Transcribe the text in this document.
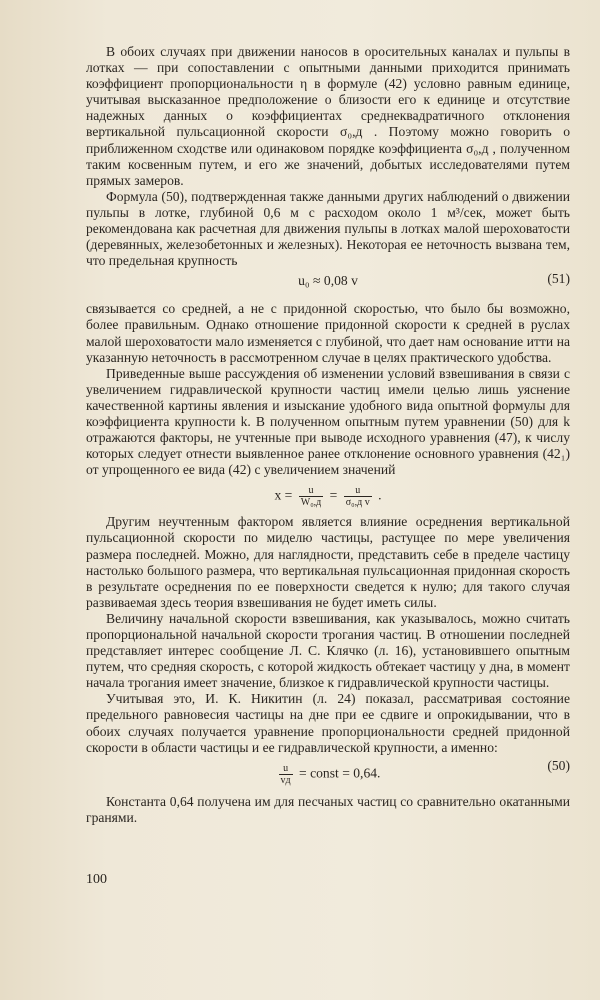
В обоих случаях при движении наносов в оросительных каналах и пульпы в лотках — при сопоставлении с опытными данными приходится принимать коэффициент пропорциональности η в формуле (42) условно равным единице, учитывая высказанное предположение о близости его к единице и отсутствие надежных данных о коэффициентах среднеквадратичного отклонения вертикальной пульсационной скорости σ₀,д . Поэтому можно говорить о приближенном сходстве или одинаковом порядке коэффициента σ₀,д , полученном таким косвенным путем, и его же значений, добытых исследователями путем прямых замеров.

Формула (50), подтвержденная также данными других наблюдений о движении пульпы в лотке, глубиной 0,6 м с расходом около 1 м³/сек, может быть рекомендована как расчетная для движения пульпы в лотках малой шероховатости (деревянных, железобетонных и железных). Некоторая ее неточность вызвана тем, что предельная крупность

u₀ ≈ 0,08 v	(51)

связывается со средней, а не с придонной скоростью, что было бы возможно, более правильным. Однако отношение придонной скорости к средней в руслах малой шероховатости мало изменяется с глубиной, что дает нам основание итти на указанную неточность в рассмотренном случае в целях практического удобства.

Приведенные выше рассуждения об изменении условий взвешивания в связи с увеличением гидравлической крупности частиц имели целью лишь уяснение качественной картины явления и изыскание удобного вида опытной формулы для коэффициента крупности k. В полученном опытным путем уравнении (50) для k отражаются факторы, не учтенные при выводе исходного уравнения (47), к числу которых следует отнести выявленное ранее отклонение основного уравнения (42₁) от упрощенного ее вида (42) с увеличением значений

$x = \frac{u}{\text{W₀,д}} = \frac{u}{\text{σ₀,д v}}$ .

Другим неучтенным фактором является влияние осреднения вертикальной пульсационной скорости по миделю частицы, растущее по мере увеличения размера последней. Можно, для наглядности, представить себе в пределе частицу настолько большого размера, что вертикальная пульсационная придонная скорость в результате осреднения по ее поверхности сведется к нулю; для такого случая развиваемая здесь теория взвешивания не будет иметь силы.

Величину начальной скорости взвешивания, как указывалось, можно считать пропорциональной начальной скорости трогания частиц. В отношении последней представляет интерес сообщение Л. С. Клячко (л. 16), установившего опытным путем, что средняя скорость, с которой жидкость обтекает частицу у дна, в момент начала трогания имеет значение, близкое к гидравлической крупности частицы.

Учитывая это, И. К. Никитин (л. 24) показал, рассматривая состояние предельного равновесия частицы на дне при ее сдвиге и опрокидывании, что в обоих случаях получается уравнение пропорциональности средней придонной скорости в области частицы и ее гидравлической крупности, а именно:

$\frac{u}{vд}$ = const = 0,64.
(50)

Константа 0,64 получена им для песчаных частиц со сравнительно окатанными гранями.

100
